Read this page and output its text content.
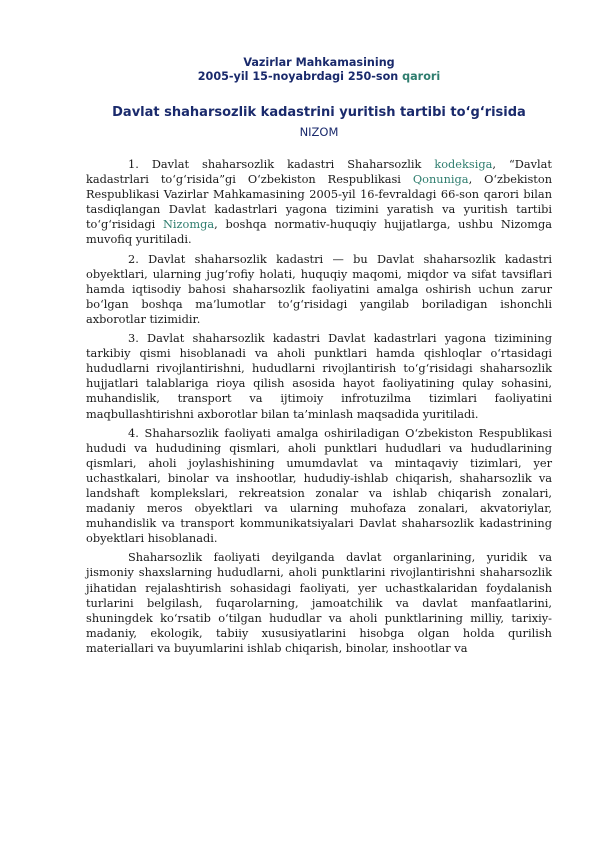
Vazirlar Mahkamasining
2005-yil 15-noyabrdagi 250-son qarori
Davlat shaharsozlik kadastrini yuritish tartibi to‘g‘risida
NIZOM

1. Davlat shaharsozlik kadastri Shaharsozlik kodeksiga, “Davlat kadastrlari to‘g‘risida”gi O‘zbekiston Respublikasi Qonuniga, O‘zbekiston Respublikasi Vazirlar Mahkamasining 2005-yil 16-fevraldagi 66-son qarori bilan tasdiqlangan Davlat kadastrlari yagona tizimini yaratish va yuritish tartibi to‘g‘risidagi Nizomga, boshqa normativ-huquqiy hujjatlarga, ushbu Nizomga muvofiq yuritiladi.

2. Davlat shaharsozlik kadastri — bu Davlat shaharsozlik kadastri obyektlari, ularning jug‘rofiy holati, huquqiy maqomi, miqdor va sifat tavsiflari hamda iqtisodiy bahosi shaharsozlik faoliyatini amalga oshirish uchun zarur bo‘lgan boshqa ma’lumotlar to‘g‘risidagi yangilab boriladigan ishonchli axborotlar tizimidir.

3. Davlat shaharsozlik kadastri Davlat kadastrlari yagona tizimining tarkibiy qismi hisoblanadi va aholi punktlari hamda qishloqlar o‘rtasidagi hududlarni rivojlantirishni, hududlarni rivojlantirish to‘g‘risidagi shaharsozlik hujjatlari talablariga rioya qilish asosida hayot faoliyatining qulay sohasini, muhandislik, transport va ijtimoiy infrotuzilma tizimlari faoliyatini maqbullashtirishni axborotlar bilan ta’minlash maqsadida yuritiladi.

4. Shaharsozlik faoliyati amalga oshiriladigan O‘zbekiston Respublikasi hududi va hududining qismlari, aholi punktlari hududlari va hududlarining qismlari, aholi joylashishining umumdavlat va mintaqaviy tizimlari, yer uchastkalari, binolar va inshootlar, hududiy-ishlab chiqarish, shaharsozlik va landshaft komplekslari, rekreatsion zonalar va ishlab chiqarish zonalari, madaniy meros obyektlari va ularning muhofaza zonalari, akvatoriylar, muhandislik va transport kommunikatsiyalari Davlat shaharsozlik kadastrining obyektlari hisoblanadi.

Shaharsozlik faoliyati deyilganda davlat organlarining, yuridik va jismoniy shaxslarning hududlarni, aholi punktlarini rivojlantirishni shaharsozlik jihatidan rejalashtirish sohasidagi faoliyati, yer uchastkalaridan foydalanish turlarini belgilash, fuqarolarning, jamoatchilik va davlat manfaatlarini, shuningdek ko‘rsatib o‘tilgan hududlar va aholi punktlarining milliy, tarixiy-madaniy, ekologik, tabiiy xususiyatlarini hisobga olgan holda qurilish materiallari va buyumlarini ishlab chiqarish, binolar, inshootlar va
